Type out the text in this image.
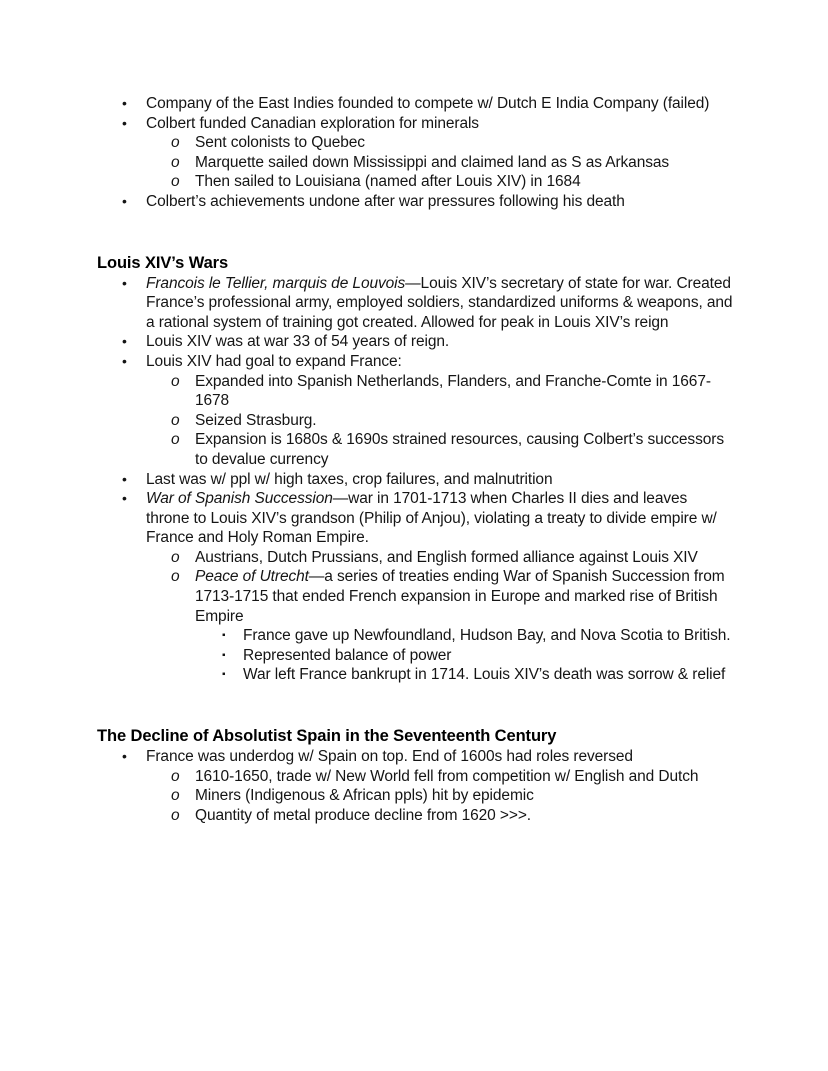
• Company of the East Indies founded to compete w/ Dutch E India Company (failed)
• Colbert funded Canadian exploration for minerals
o Sent colonists to Quebec
o Marquette sailed down Mississippi and claimed land as S as Arkansas
o Then sailed to Louisiana (named after Louis XIV) in 1684
• Colbert’s achievements undone after war pressures following his death
Louis XIV’s Wars
• Francois le Tellier, marquis de Louvois—Louis XIV’s secretary of state for war. Created France’s professional army, employed soldiers, standardized uniforms & weapons, and a rational system of training got created. Allowed for peak in Louis XIV’s reign
• Louis XIV was at war 33 of 54 years of reign.
• Louis XIV had goal to expand France:
o Expanded into Spanish Netherlands, Flanders, and Franche-Comte in 1667-1678
o Seized Strasburg.
o Expansion is 1680s & 1690s strained resources, causing Colbert’s successors to devalue currency
• Last was w/ ppl w/ high taxes, crop failures, and malnutrition
• War of Spanish Succession—war in 1701-1713 when Charles II dies and leaves throne to Louis XIV’s grandson (Philip of Anjou), violating a treaty to divide empire w/ France and Holy Roman Empire.
o Austrians, Dutch Prussians, and English formed alliance against Louis XIV
o Peace of Utrecht—a series of treaties ending War of Spanish Succession from 1713-1715 that ended French expansion in Europe and marked rise of British Empire
▪ France gave up Newfoundland, Hudson Bay, and Nova Scotia to British.
▪ Represented balance of power
▪ War left France bankrupt in 1714. Louis XIV’s death was sorrow & relief
The Decline of Absolutist Spain in the Seventeenth Century
• France was underdog w/ Spain on top. End of 1600s had roles reversed
o 1610-1650, trade w/ New World fell from competition w/ English and Dutch
o Miners (Indigenous & African ppls) hit by epidemic
o Quantity of metal produce decline from 1620 >>>.
